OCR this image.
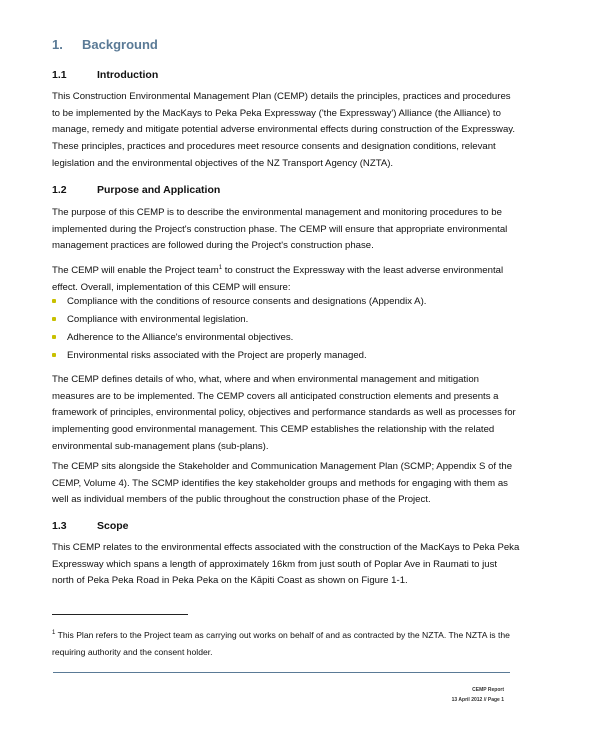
1. Background
1.1	Introduction
This Construction Environmental Management Plan (CEMP) details the principles, practices and procedures
to be implemented by the MacKays to Peka Peka Expressway ('the Expressway') Alliance (the Alliance) to
manage, remedy and mitigate potential adverse environmental effects during construction of the Expressway.
These principles, practices and procedures meet resource consents and designation conditions, relevant
legislation and the environmental objectives of the NZ Transport Agency (NZTA).
1.2	Purpose and Application
The purpose of this CEMP is to describe the environmental management and monitoring procedures to be
implemented during the Project's construction phase. The CEMP will ensure that appropriate environmental
management practices are followed during the Project's construction phase.
The CEMP will enable the Project team$^1$ to construct the Expressway with the least adverse environmental
effect. Overall, implementation of this CEMP will ensure:
Compliance with the conditions of resource consents and designations (Appendix A).
Compliance with environmental legislation.
Adherence to the Alliance's environmental objectives.
Environmental risks associated with the Project are properly managed.
The CEMP defines details of who, what, where and when environmental management and mitigation
measures are to be implemented. The CEMP covers all anticipated construction elements and presents a
framework of principles, environmental policy, objectives and performance standards as well as processes for
implementing good environmental management. This CEMP establishes the relationship with the related
environmental sub-management plans (sub-plans).
The CEMP sits alongside the Stakeholder and Communication Management Plan (SCMP; Appendix S of the
CEMP, Volume 4). The SCMP identifies the key stakeholder groups and methods for engaging with them as
well as individual members of the public throughout the construction phase of the Project.
1.3	Scope
This CEMP relates to the environmental effects associated with the construction of the MacKays to Peka Peka
Expressway which spans a length of approximately 16km from just south of Poplar Ave in Raumati to just
north of Peka Peka Road in Peka Peka on the Kāpiti Coast as shown on Figure 1-1.
$^1$ This Plan refers to the Project team as carrying out works on behalf of and as contracted by the NZTA. The NZTA is the
requiring authority and the consent holder.
CEMP Report
13 April 2012 // Page 1
